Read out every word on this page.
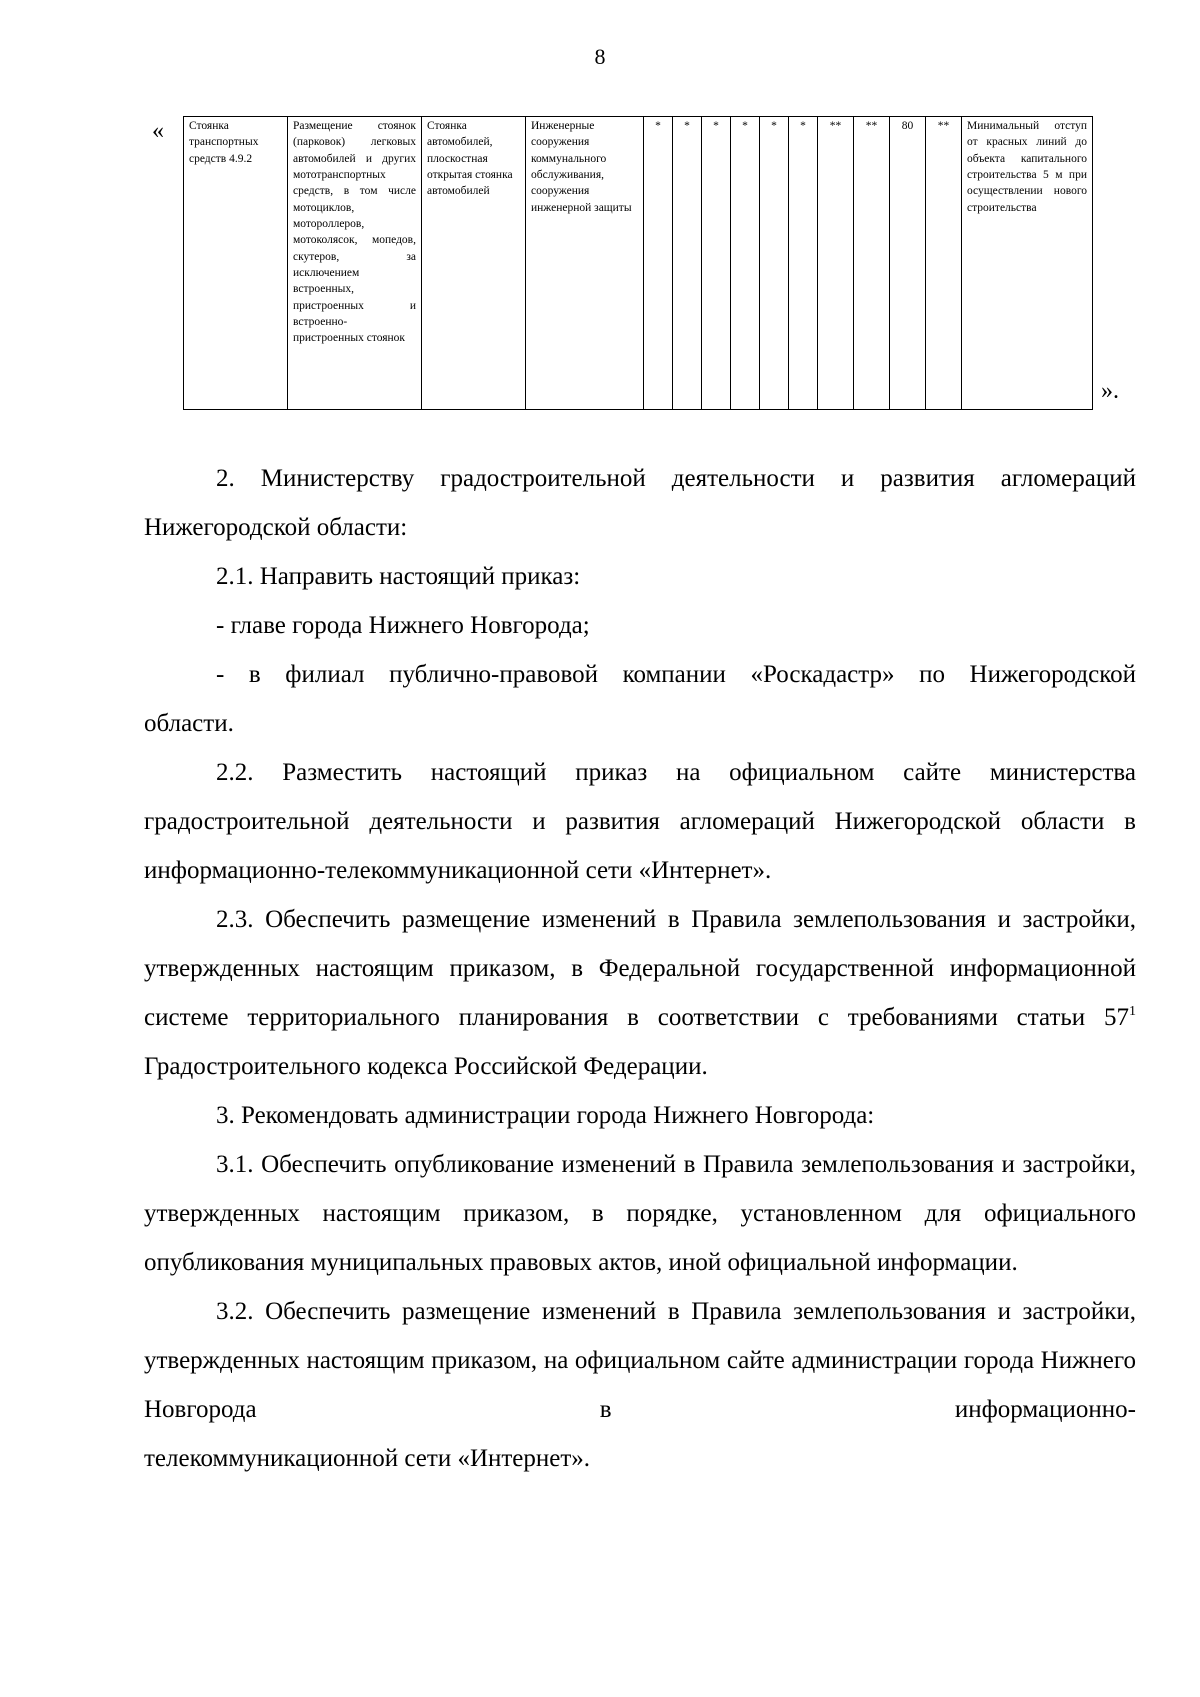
8
« Стоянка транспортных средств 4.9.2	Размещение стоянок (парковок) легковых автомобилей и других мототранспортных средств, в том числе мотоциклов, мотороллеров, мотоколясок, мопедов, скутеров, за исключением встроенных, пристроенных и встроенно-пристроенных стоянок	Стоянка автомобилей, плоскостная открытая стоянка автомобилей	Инженерные сооружения коммунального обслуживания, сооружения инженерной защиты	*	*	*	*	*	*	**	**	80	**	Минимальный отступ от красных линий до объекта капитального строительства 5 м при осуществлении нового строительства
».

2. Министерству градостроительной деятельности и развития агломераций

Нижегородской области:

2.1. Направить настоящий приказ:

- главе города Нижнего Новгорода;

- в филиал публично-правовой компании «Роскадастр» по Нижегородской

области.

2.2. Разместить настоящий приказ на официальном сайте министерства градостроительной деятельности и развития агломераций Нижегородской области в информационно-телекоммуникационной сети «Интернет».

2.3. Обеспечить размещение изменений в Правила землепользования и застройки, утвержденных настоящим приказом, в Федеральной государственной информационной системе территориального планирования в соответствии с требованиями статьи $57^1$ Градостроительного кодекса Российской Федерации.

3. Рекомендовать администрации города Нижнего Новгорода:

3.1. Обеспечить опубликование изменений в Правила землепользования и застройки, утвержденных настоящим приказом, в порядке, установленном для официального опубликования муниципальных правовых актов, иной официальной информации.

3.2. Обеспечить размещение изменений в Правила землепользования и застройки, утвержденных настоящим приказом, на официальном сайте администрации города Нижнего Новгорода в информационно-

телекоммуникационной сети «Интернет».
